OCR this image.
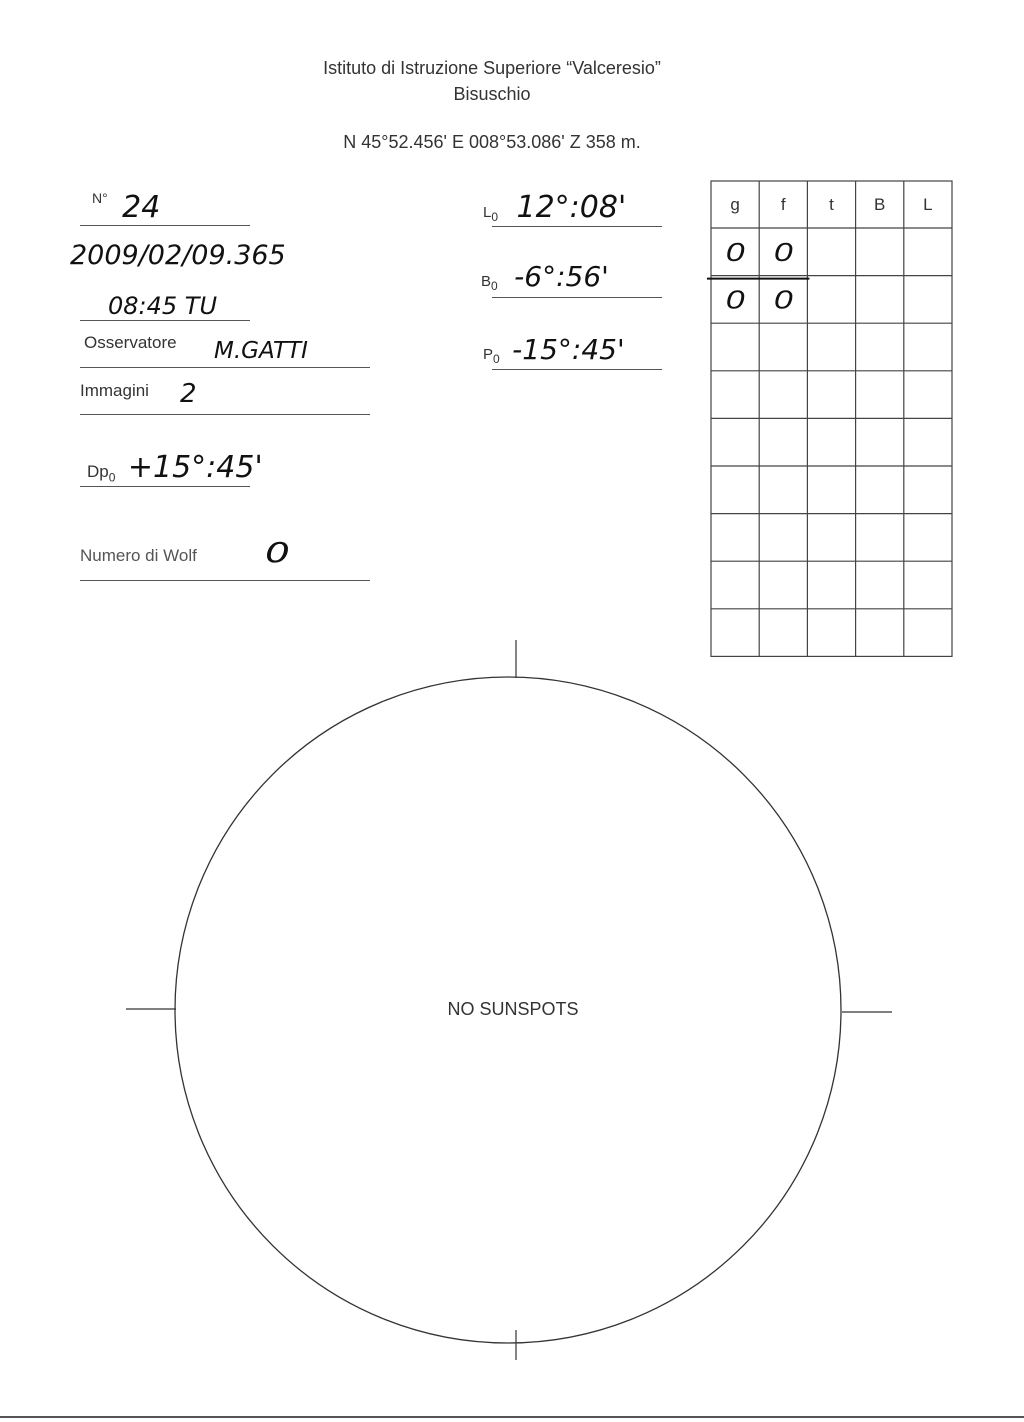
Istituto di Istruzione Superiore “Valceresio”
Bisuschio
N 45°52.456' E 008°53.086' Z 358 m.
N° 24
2009/02/09.365
08:45 TU
Osservatore M.GATTI
Immagini 2
$Dp_0$ +15°:45'
Numero di Wolf 0
$L_0$ 12°:08'
$B_0$ -6°:56'
$P_0$ -15°:45'
g f	t B L
0 0
0 0
NO SUNSPOTS
